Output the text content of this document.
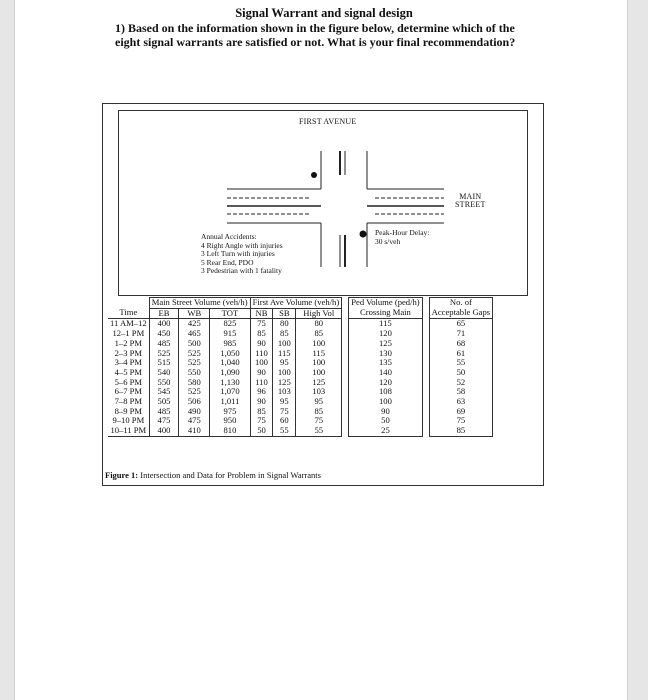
Signal Warrant and signal design
1) Based on the information shown in the figure below, determine which of the eight signal warrants are satisfied or not. What is your final recommendation?
FIRST AVENUE
MAIN
STREET
Annual Accidents:
4 Right Angle with injuries
3 Left Turn with injuries
5 Rear End, PDO
3 Pedestrian with 1 fatality
Peak-Hour Delay:
30 s/veh
	Main Street Volume (veh/h)			First Ave Volume (veh/h)				Ped Volume (ped/h)		No. of
Time	EB	WB	TOT	NB	SB	High Vol		Crossing Main		Acceptable Gaps
11 AM–12	400	425	825	75	80	80		115		65
12–1 PM	450	465	915	85	85	85		120		71
1–2 PM	485	500	985	90	100	100		125		68
2–3 PM	525	525	1,050	110	115	115		130		61
3–4 PM	515	525	1,040	100	95	100		135		55
4–5 PM	540	550	1,090	90	100	100		140		50
5–6 PM	550	580	1,130	110	125	125		120		52
6–7 PM	545	525	1,070	96	103	103		108		58
7–8 PM	505	506	1,011	90	95	95		100		63
8–9 PM	485	490	975	85	75	85		90		69
9–10 PM	475	475	950	75	60	75		50		75
10–11 PM	400	410	810	50	55	55		25		85
Figure 1: Intersection and Data for Problem in Signal Warrants
